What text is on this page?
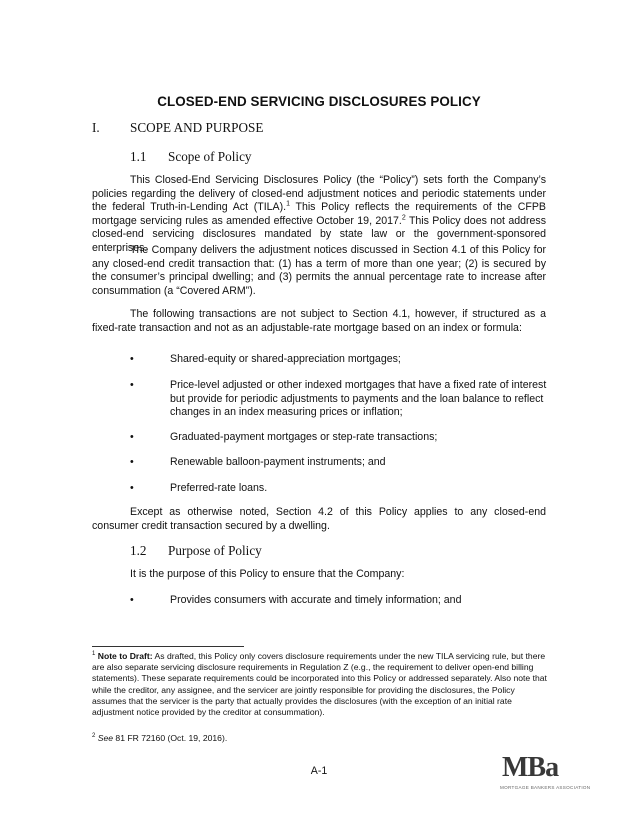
CLOSED-END SERVICING DISCLOSURES POLICY
I. SCOPE AND PURPOSE
1.1 Scope of Policy

This Closed-End Servicing Disclosures Policy (the “Policy”) sets forth the Company’s policies regarding the delivery of closed-end adjustment notices and periodic statements under the federal Truth-in-Lending Act (TILA).$^1$ This Policy reflects the requirements of the CFPB mortgage servicing rules as amended effective October 19, 2017.$^2$ This Policy does not address closed-end servicing disclosures mandated by state law or the government-sponsored enterprises.

The Company delivers the adjustment notices discussed in Section 4.1 of this Policy for any closed-end credit transaction that: (1) has a term of more than one year; (2) is secured by the consumer’s principal dwelling; and (3) permits the annual percentage rate to increase after consummation (a “Covered ARM”).

The following transactions are not subject to Section 4.1, however, if structured as a fixed-rate transaction and not as an adjustable-rate mortgage based on an index or formula:

•	Shared-equity or shared-appreciation mortgages;
•	Price-level adjusted or other indexed mortgages that have a fixed rate of interest but provide for periodic adjustments to payments and the loan balance to reflect changes in an index measuring prices or inflation;
•	Graduated-payment mortgages or step-rate transactions;
•	Renewable balloon-payment instruments; and
•	Preferred-rate loans.

Except as otherwise noted, Section 4.2 of this Policy applies to any closed-end consumer credit transaction secured by a dwelling.

1.2 Purpose of Policy

It is the purpose of this Policy to ensure that the Company:

•	Provides consumers with accurate and timely information; and

$^1$ Note to Draft: As drafted, this Policy only covers disclosure requirements under the new TILA servicing rule, but there are also separate servicing disclosure requirements in Regulation Z (e.g., the requirement to deliver open-end billing statements). These separate requirements could be incorporated into this Policy or addressed separately. Also note that while the creditor, any assignee, and the servicer are jointly responsible for providing the disclosures, the Policy assumes that the servicer is the party that actually provides the disclosures (with the exception of an initial rate adjustment notice provided by the creditor at consummation).

$^2$ See 81 FR 72160 (Oct. 19, 2016).

A-1	MBa
MORTGAGE BANKERS ASSOCIATION
